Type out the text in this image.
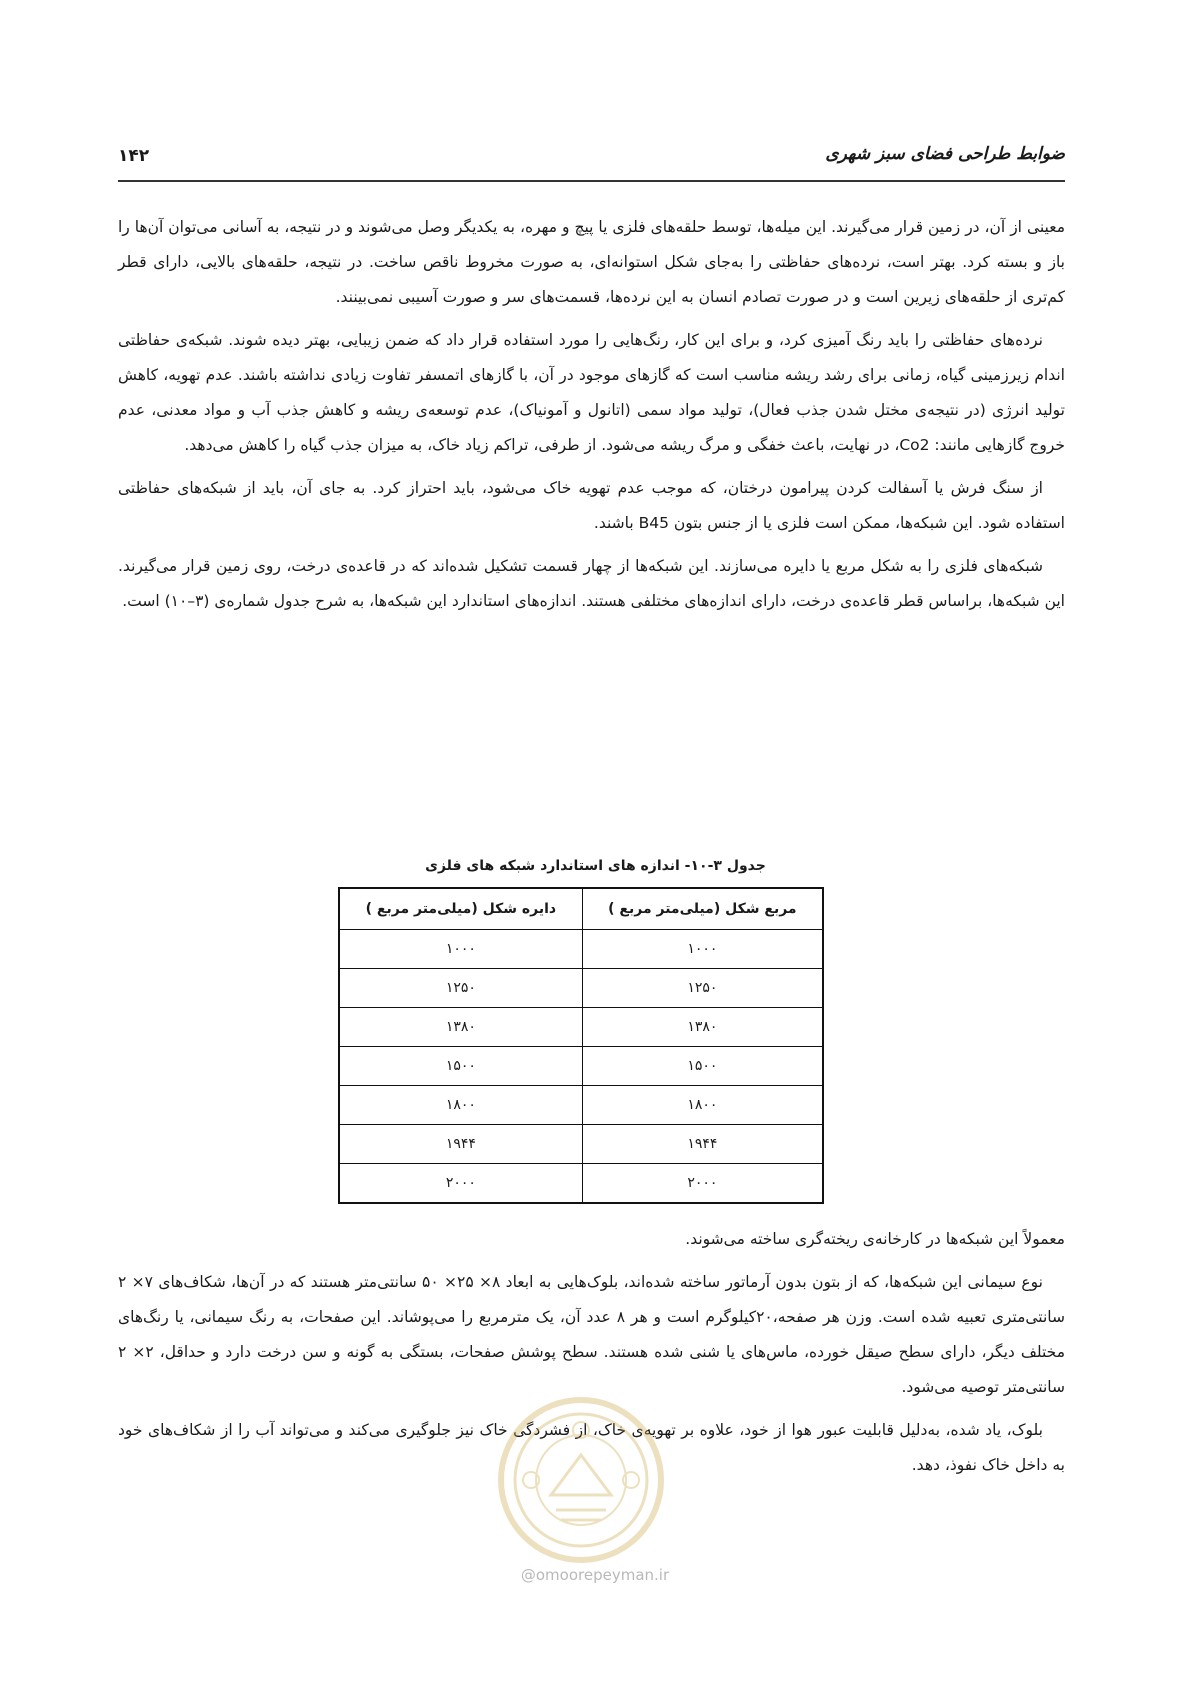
ضوابط طراحی فضای سبز شهری
۱۴۲

معینی از آن، در زمین قرار می‌گیرند. این میله‌ها، توسط حلقه‌های فلزی یا پیچ و مهره، به یکدیگر وصل می‌شوند و در نتیجه، به آسانی می‌توان آن‌ها را باز و بسته کرد. بهتر است، نرده‌های حفاظتی را به‌جای شکل استوانه‌ای، به صورت مخروط ناقص ساخت. در نتیجه، حلقه‌های بالایی، دارای قطر کم‌تری از حلقه‌های زیرین است و در صورت تصادم انسان به این نرده‌ها، قسمت‌های سر و صورت آسیبی نمی‌بینند.

نرده‌های حفاظتی را باید رنگ آمیزی کرد، و برای این کار، رنگ‌هایی را مورد استفاده قرار داد که ضمن زیبایی، بهتر دیده شوند. شبکه‌ی حفاظتی اندام زیرزمینی گیاه، زمانی برای رشد ریشه مناسب است که گازهای موجود در آن، با گازهای اتمسفر تفاوت زیادی نداشته باشند. عدم تهویه، کاهش تولید انرژی (در نتیجه‌ی مختل شدن جذب فعال)، تولید مواد سمی (اتانول و آمونیاک)، عدم توسعه‌ی ریشه و کاهش جذب آب و مواد معدنی، عدم خروج گازهایی مانند: Co2، در نهایت، باعث خفگی و مرگ ریشه می‌شود. از طرفی، تراکم زیاد خاک، به میزان جذب گیاه را کاهش می‌دهد.

از سنگ فرش یا آسفالت کردن پیرامون درختان، که موجب عدم تهویه خاک می‌شود، باید احتراز کرد. به جای آن، باید از شبکه‌های حفاظتی استفاده شود. این شبکه‌ها، ممکن است فلزی یا از جنس بتون B45 باشند.

شبکه‌های فلزی را به شکل مربع یا دایره می‌سازند. این شبکه‌ها از چهار قسمت تشکیل شده‌اند که در قاعده‌ی درخت، روی زمین قرار می‌گیرند. این شبکه‌ها، براساس قطر قاعده‌ی درخت، دارای اندازه‌های مختلفی هستند. اندازه‌های استاندارد این شبکه‌ها، به شرح جدول شماره‌ی (۳–۱۰) است.

جدول ۳-۱۰- اندازه های استاندارد شبکه های فلزی
مربع شکل (میلی‌متر مربع )	دایره شکل (میلی‌متر مربع )
۱۰۰۰	۱۰۰۰
۱۲۵۰	۱۲۵۰
۱۳۸۰	۱۳۸۰
۱۵۰۰	۱۵۰۰
۱۸۰۰	۱۸۰۰
۱۹۴۴	۱۹۴۴
۲۰۰۰	۲۰۰۰

معمولاً این شبکه‌ها در کارخانه‌ی ریخته‌گری ساخته می‌شوند.

نوع سیمانی این شبکه‌ها، که از بتون بدون آرماتور ساخته شده‌اند، بلوک‌هایی به ابعاد ۸× ۲۵× ۵۰ سانتی‌متر هستند که در آن‌ها، شکاف‌های ۷× ۲ سانتی‌متری تعبیه شده است. وزن هر صفحه،۲۰کیلوگرم است و هر ۸ عدد آن، یک مترمربع را می‌پوشاند. این صفحات، به رنگ سیمانی، یا رنگ‌های مختلف دیگر، دارای سطح صیقل خورده، ماس‌های یا شنی شده هستند. سطح پوشش صفحات، بستگی به گونه و سن درخت دارد و حداقل، ۲× ۲ سانتی‌متر توصیه می‌شود.

بلوک، یاد شده، به‌دلیل قابلیت عبور هوا از خود، علاوه بر تهویه‌ی خاک، از فشردگی خاک نیز جلوگیری می‌کند و می‌تواند آب را از شکاف‌های خود به داخل خاک نفوذ، دهد.

@omoorepeyman.ir
